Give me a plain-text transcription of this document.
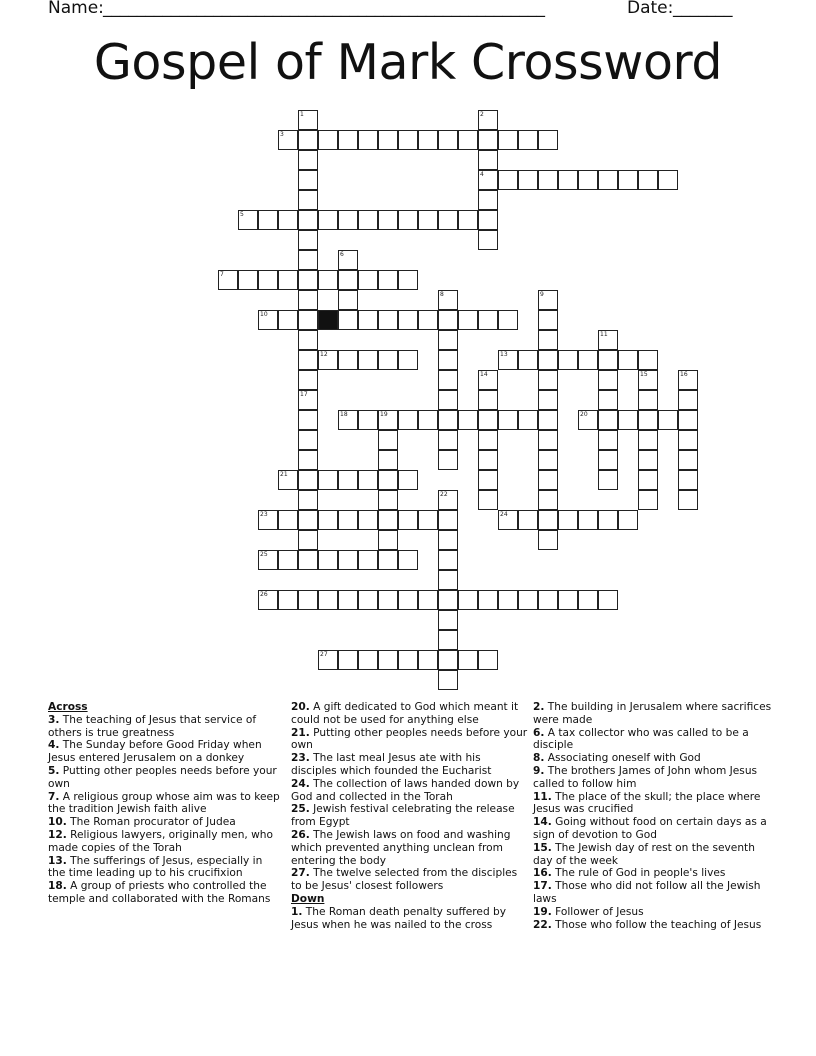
Name: ____________________________________________________	Date: _______
Gospel of Mark Crossword
1
17
2
4
3
5
6
7
8	9
10
11
12	13
14	15	16
18	19	20
21
22
23	24
25
26
27
Across
3. The teaching of Jesus that service of others is true greatness
4. The Sunday before Good Friday when Jesus entered Jerusalem on a donkey
5. Putting other peoples needs before your own
7. A religious group whose aim was to keep the tradition Jewish faith alive
10. The Roman procurator of Judea
12. Religious lawyers, originally men, who made copies of the Torah
13. The sufferings of Jesus, especially in the time leading up to his crucifixion
18. A group of priests who controlled the temple and collaborated with the Romans
20. A gift dedicated to God which meant it could not be used for anything else
21. Putting other peoples needs before your own
23. The last meal Jesus ate with his disciples which founded the Eucharist
24. The collection of laws handed down by God and collected in the Torah
25. Jewish festival celebrating the release from Egypt
26. The Jewish laws on food and washing which prevented anything unclean from entering the body
27. The twelve selected from the disciples to be Jesus' closest followers
Down
1. The Roman death penalty suffered by Jesus when he was nailed to the cross
2. The building in Jerusalem where sacrifices were made
6. A tax collector who was called to be a disciple
8. Associating oneself with God
9. The brothers James of John whom Jesus called to follow him
11. The place of the skull; the place where Jesus was crucified
14. Going without food on certain days as a sign of devotion to God
15. The Jewish day of rest on the seventh day of the week
16. The rule of God in people's lives
17. Those who did not follow all the Jewish laws
19. Follower of Jesus
22. Those who follow the teaching of Jesus
